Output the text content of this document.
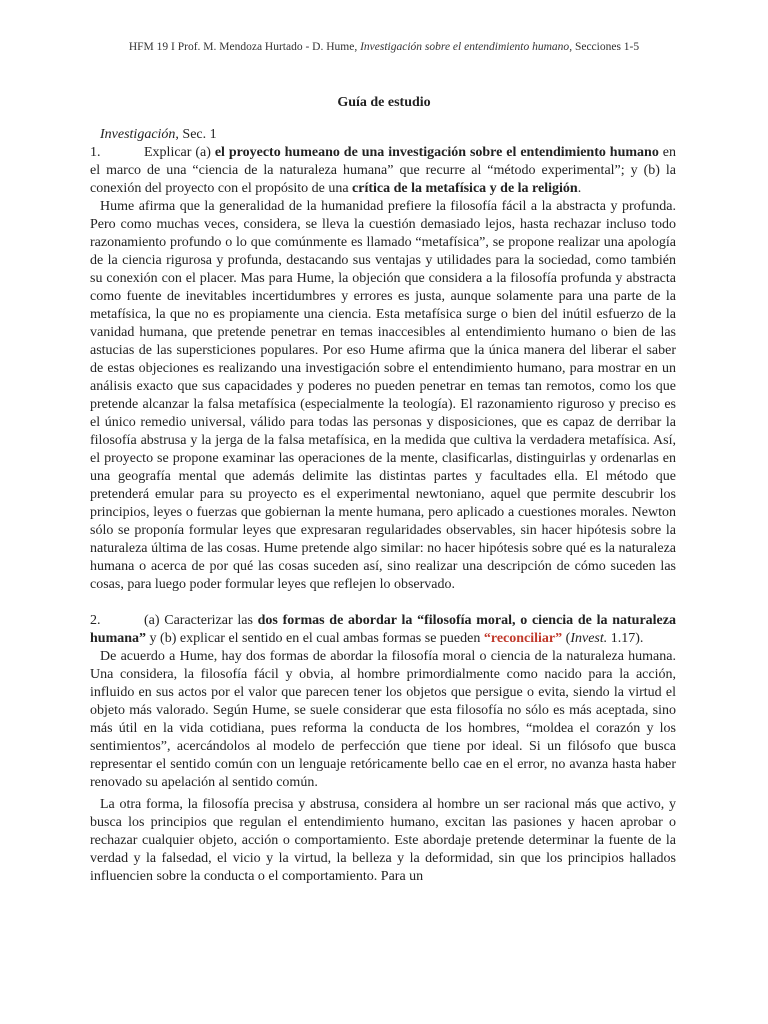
HFM 19 I Prof. M. Mendoza Hurtado - D. Hume, Investigación sobre el entendimiento humano, Secciones 1-5
Guía de estudio

Investigación, Sec. 1

1.	Explicar (a) el proyecto humeano de una investigación sobre el entendimiento humano en el marco de una “ciencia de la naturaleza humana” que recurre al “método experimental”; y (b) la conexión del proyecto con el propósito de una crítica de la metafísica y de la religión.

Hume afirma que la generalidad de la humanidad prefiere la filosofía fácil a la abstracta y profunda. Pero como muchas veces, considera, se lleva la cuestión demasiado lejos, hasta rechazar incluso todo razonamiento profundo o lo que comúnmente es llamado “metafísica”, se propone realizar una apología de la ciencia rigurosa y profunda, destacando sus ventajas y utilidades para la sociedad, como también su conexión con el placer. Mas para Hume, la objeción que considera a la filosofía profunda y abstracta como fuente de inevitables incertidumbres y errores es justa, aunque solamente para una parte de la metafísica, la que no es propiamente una ciencia. Esta metafísica surge o bien del inútil esfuerzo de la vanidad humana, que pretende penetrar en temas inaccesibles al entendimiento humano o bien de las astucias de las supersticiones populares. Por eso Hume afirma que la única manera del liberar el saber de estas objeciones es realizando una investigación sobre el entendimiento humano, para mostrar en un análisis exacto que sus capacidades y poderes no pueden penetrar en temas tan remotos, como los que pretende alcanzar la falsa metafísica (especialmente la teología). El razonamiento riguroso y preciso es el único remedio universal, válido para todas las personas y disposiciones, que es capaz de derribar la filosofía abstrusa y la jerga de la falsa metafísica, en la medida que cultiva la verdadera metafísica. Así, el proyecto se propone examinar las operaciones de la mente, clasificarlas, distinguirlas y ordenarlas en una geografía mental que además delimite las distintas partes y facultades ella. El método que pretenderá emular para su proyecto es el experimental newtoniano, aquel que permite descubrir los principios, leyes o fuerzas que gobiernan la mente humana, pero aplicado a cuestiones morales. Newton sólo se proponía formular leyes que expresaran regularidades observables, sin hacer hipótesis sobre la naturaleza última de las cosas. Hume pretende algo similar: no hacer hipótesis sobre qué es la naturaleza humana o acerca de por qué las cosas suceden así, sino realizar una descripción de cómo suceden las cosas, para luego poder formular leyes que reflejen lo observado.

2.	(a) Caracterizar las dos formas de abordar la “filosofía moral, o ciencia de la naturaleza humana” y (b) explicar el sentido en el cual ambas formas se pueden “reconciliar” (Invest. 1.17).

De acuerdo a Hume, hay dos formas de abordar la filosofía moral o ciencia de la naturaleza humana. Una considera, la filosofía fácil y obvia, al hombre primordialmente como nacido para la acción, influido en sus actos por el valor que parecen tener los objetos que persigue o evita, siendo la virtud el objeto más valorado. Según Hume, se suele considerar que esta filosofía no sólo es más aceptada, sino más útil en la vida cotidiana, pues reforma la conducta de los hombres, “moldea el corazón y los sentimientos”, acercándolos al modelo de perfección que tiene por ideal. Si un filósofo que busca representar el sentido común con un lenguaje retóricamente bello cae en el error, no avanza hasta haber renovado su apelación al sentido común.

La otra forma, la filosofía precisa y abstrusa, considera al hombre un ser racional más que activo, y busca los principios que regulan el entendimiento humano, excitan las pasiones y hacen aprobar o rechazar cualquier objeto, acción o comportamiento. Este abordaje pretende determinar la fuente de la verdad y la falsedad, el vicio y la virtud, la belleza y la deformidad, sin que los principios hallados influencien sobre la conducta o el comportamiento. Para un
